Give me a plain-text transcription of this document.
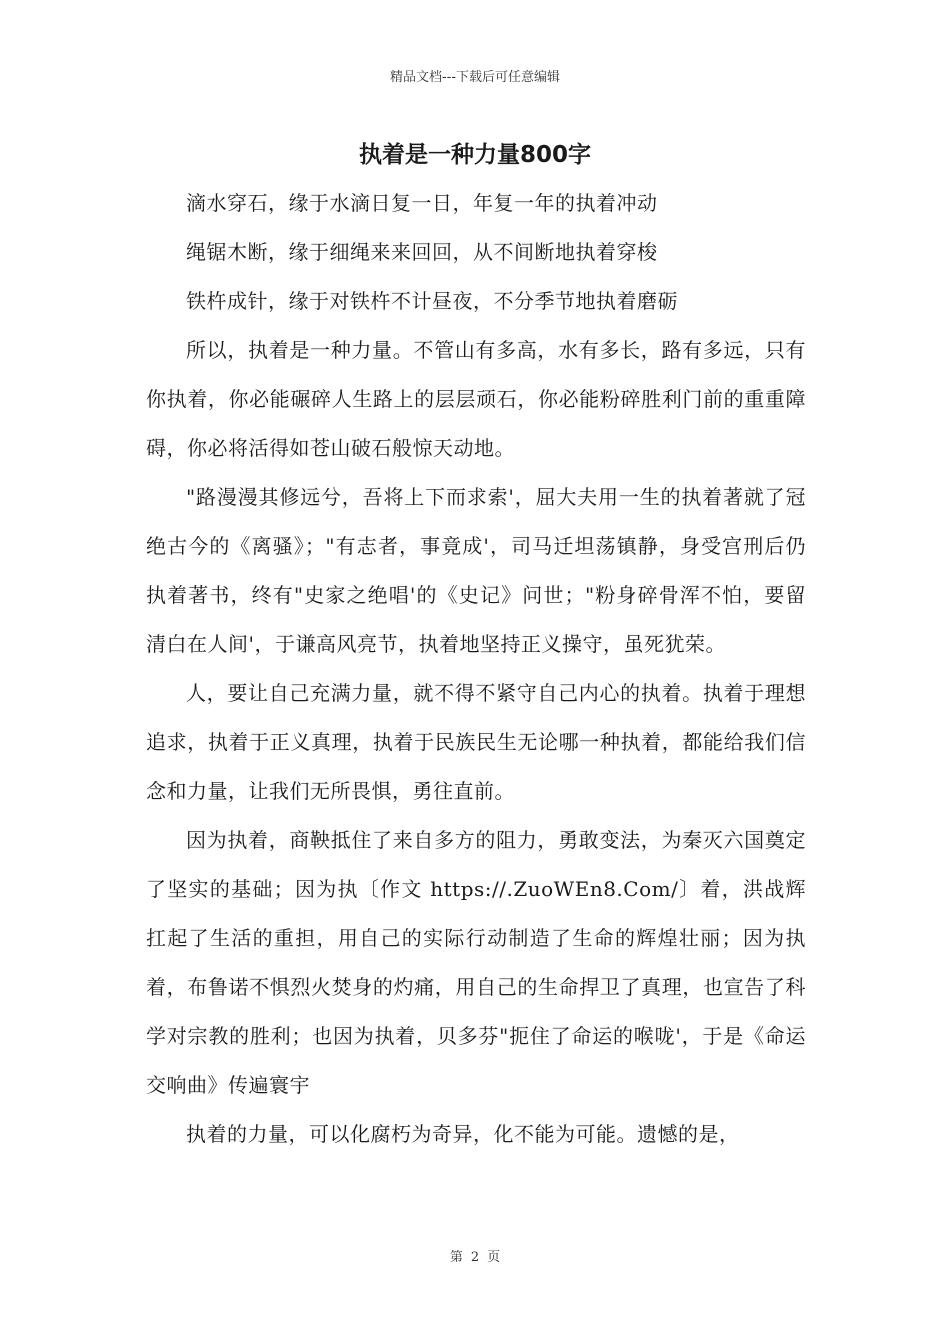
精品文档---下载后可任意编辑
执着是一种力量800字

滴水穿石，缘于水滴日复一日，年复一年的执着冲动

绳锯木断，缘于细绳来来回回，从不间断地执着穿梭

铁杵成针，缘于对铁杵不计昼夜，不分季节地执着磨砺

所以，执着是一种力量。不管山有多高，水有多长，路有多远，只有你执着，你必能碾碎人生路上的层层顽石，你必能粉碎胜利门前的重重障碍，你必将活得如苍山破石般惊天动地。

"路漫漫其修远兮，吾将上下而求索'，屈大夫用一生的执着著就了冠绝古今的《离骚》；"有志者，事竟成'，司马迁坦荡镇静，身受宫刑后仍执着著书，终有"史家之绝唱'的《史记》问世；"粉身碎骨浑不怕，要留清白在人间'，于谦高风亮节，执着地坚持正义操守，虽死犹荣。

人，要让自己充满力量，就不得不紧守自己内心的执着。执着于理想追求，执着于正义真理，执着于民族民生无论哪一种执着，都能给我们信念和力量，让我们无所畏惧，勇往直前。

因为执着，商鞅抵住了来自多方的阻力，勇敢变法，为秦灭六国奠定了坚实的基础；因为执〔作文 https://.ZuoWEn8.Com/〕着，洪战辉扛起了生活的重担，用自己的实际行动制造了生命的辉煌壮丽；因为执着，布鲁诺不惧烈火焚身的灼痛，用自己的生命捍卫了真理，也宣告了科学对宗教的胜利；也因为执着，贝多芬"扼住了命运的喉咙'，于是《命运交响曲》传遍寰宇

执着的力量，可以化腐朽为奇异，化不能为可能。遗憾的是，

第 2 页
